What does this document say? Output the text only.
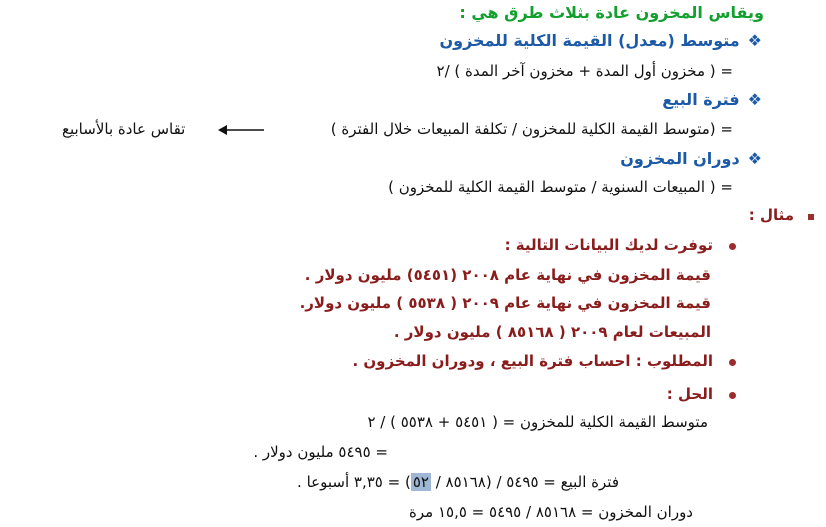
ويقاس المخزون عادة بثلاث طرق هي :
❖متوسط (معدل) القيمة الكلية للمخزون
= ( مخزون أول المدة + مخزون آخر المدة ) /٢
❖فترة البيع
= (متوسط القيمة الكلية للمخزون / تكلفة المبيعات خلال الفترة )
تقاس عادة بالأسابيع
❖دوران المخزون
= ( المبيعات السنوية / متوسط القيمة الكلية للمخزون )
مثال :
توفرت لديك البيانات التالية :
قيمة المخزون في نهاية عام ٢٠٠٨ (٥٤٥١) مليون دولار .
قيمة المخزون في نهاية عام ٢٠٠٩ ( ٥٥٣٨ ) مليون دولار.
المبيعات لعام ٢٠٠٩ ( ٨٥١٦٨ ) مليون دولار .
المطلوب : احساب فترة البيع ، ودوران المخزون .
الحل :
متوسط القيمة الكلية للمخزون = ( ٥٤٥١ + ٥٥٣٨ ) / ٢
= ٥٤٩٥ مليون دولار .
فترة البيع = ٥٤٩٥ / (٨٥١٦٨ / ٥٢) = ٣,٣٥ أسبوعا .
دوران المخزون = ٨٥١٦٨ / ٥٤٩٥ = ١٥,٥ مرة
